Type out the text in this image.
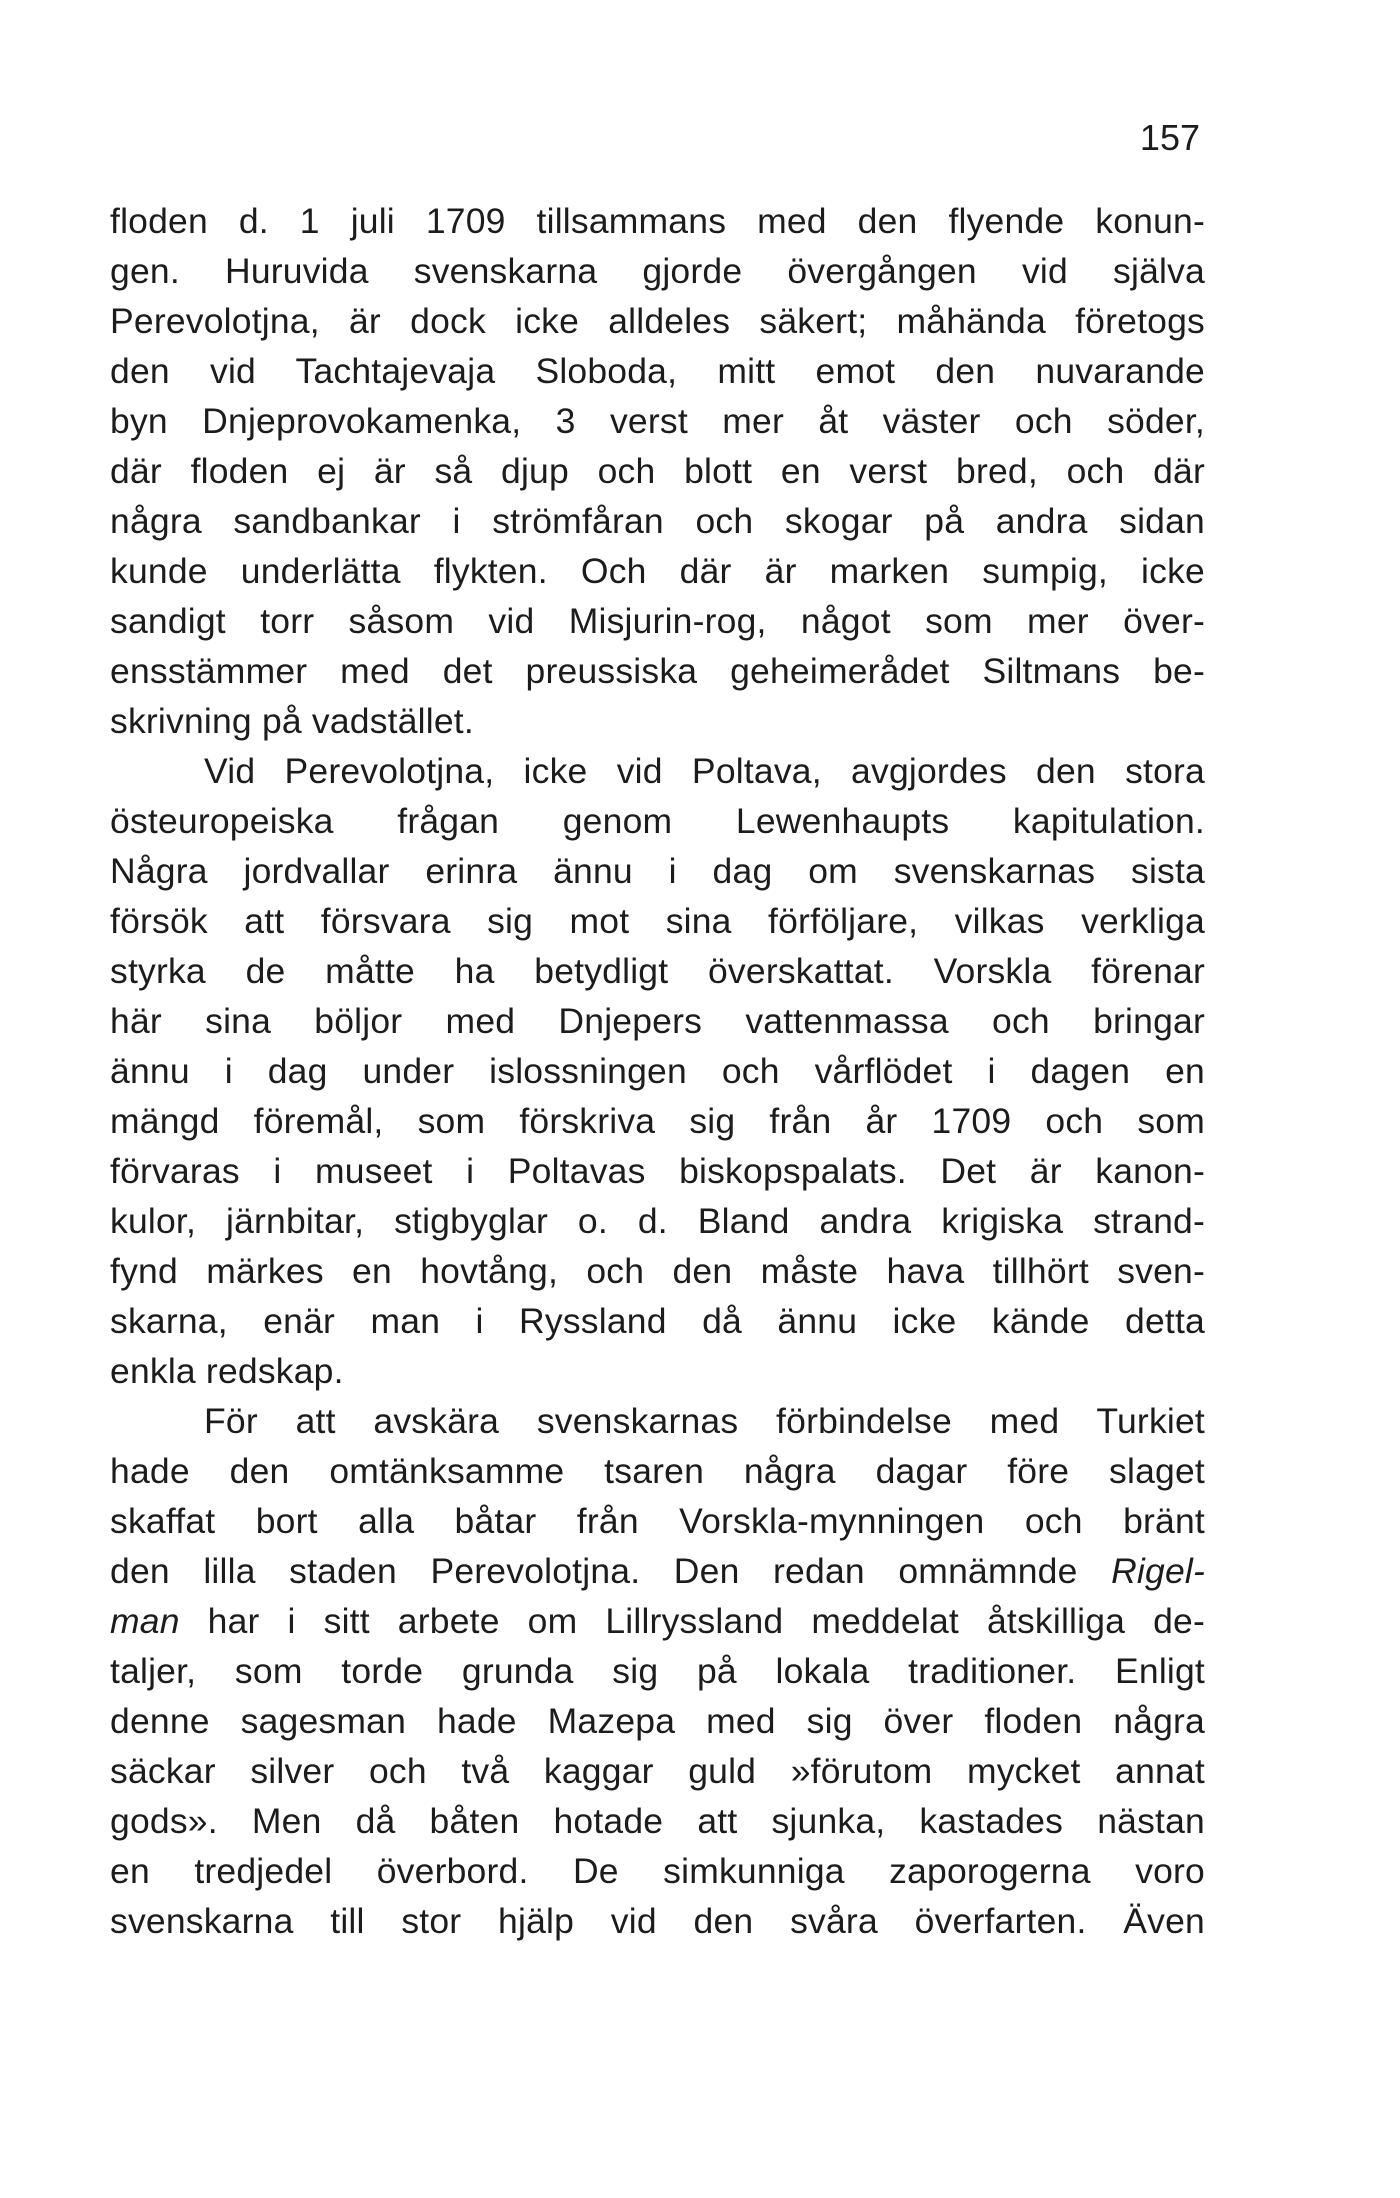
157
floden d. 1 juli 1709 tillsammans med den flyende konun-
gen. Huruvida svenskarna gjorde övergången vid själva
Perevolotjna, är dock icke alldeles säkert; måhända företogs
den vid Tachtajevaja Sloboda, mitt emot den nuvarande
byn Dnjeprovokamenka, 3 verst mer åt väster och söder,
där floden ej är så djup och blott en verst bred, och där
några sandbankar i strömfåran och skogar på andra sidan
kunde underlätta flykten. Och där är marken sumpig, icke
sandigt torr såsom vid Misjurin-rog, något som mer över-
ensstämmer med det preussiska geheimerådet Siltmans be-
skrivning på vadstället.
Vid Perevolotjna, icke vid Poltava, avgjordes den stora
östeuropeiska frågan genom Lewenhaupts kapitulation.
Några jordvallar erinra ännu i dag om svenskarnas sista
försök att försvara sig mot sina förföljare, vilkas verkliga
styrka de måtte ha betydligt överskattat. Vorskla förenar
här sina böljor med Dnjepers vattenmassa och bringar
ännu i dag under islossningen och vårflödet i dagen en
mängd föremål, som förskriva sig från år 1709 och som
förvaras i museet i Poltavas biskopspalats. Det är kanon-
kulor, järnbitar, stigbyglar o. d. Bland andra krigiska strand-
fynd märkes en hovtång, och den måste hava tillhört sven-
skarna, enär man i Ryssland då ännu icke kände detta
enkla redskap.
För att avskära svenskarnas förbindelse med Turkiet
hade den omtänksamme tsaren några dagar före slaget
skaffat bort alla båtar från Vorskla-mynningen och bränt
den lilla staden Perevolotjna. Den redan omnämnde Rigel-
man har i sitt arbete om Lillryssland meddelat åtskilliga de-
taljer, som torde grunda sig på lokala traditioner. Enligt
denne sagesman hade Mazepa med sig över floden några
säckar silver och två kaggar guld »förutom mycket annat
gods». Men då båten hotade att sjunka, kastades nästan
en tredjedel överbord. De simkunniga zaporogerna voro
svenskarna till stor hjälp vid den svåra överfarten. Även
